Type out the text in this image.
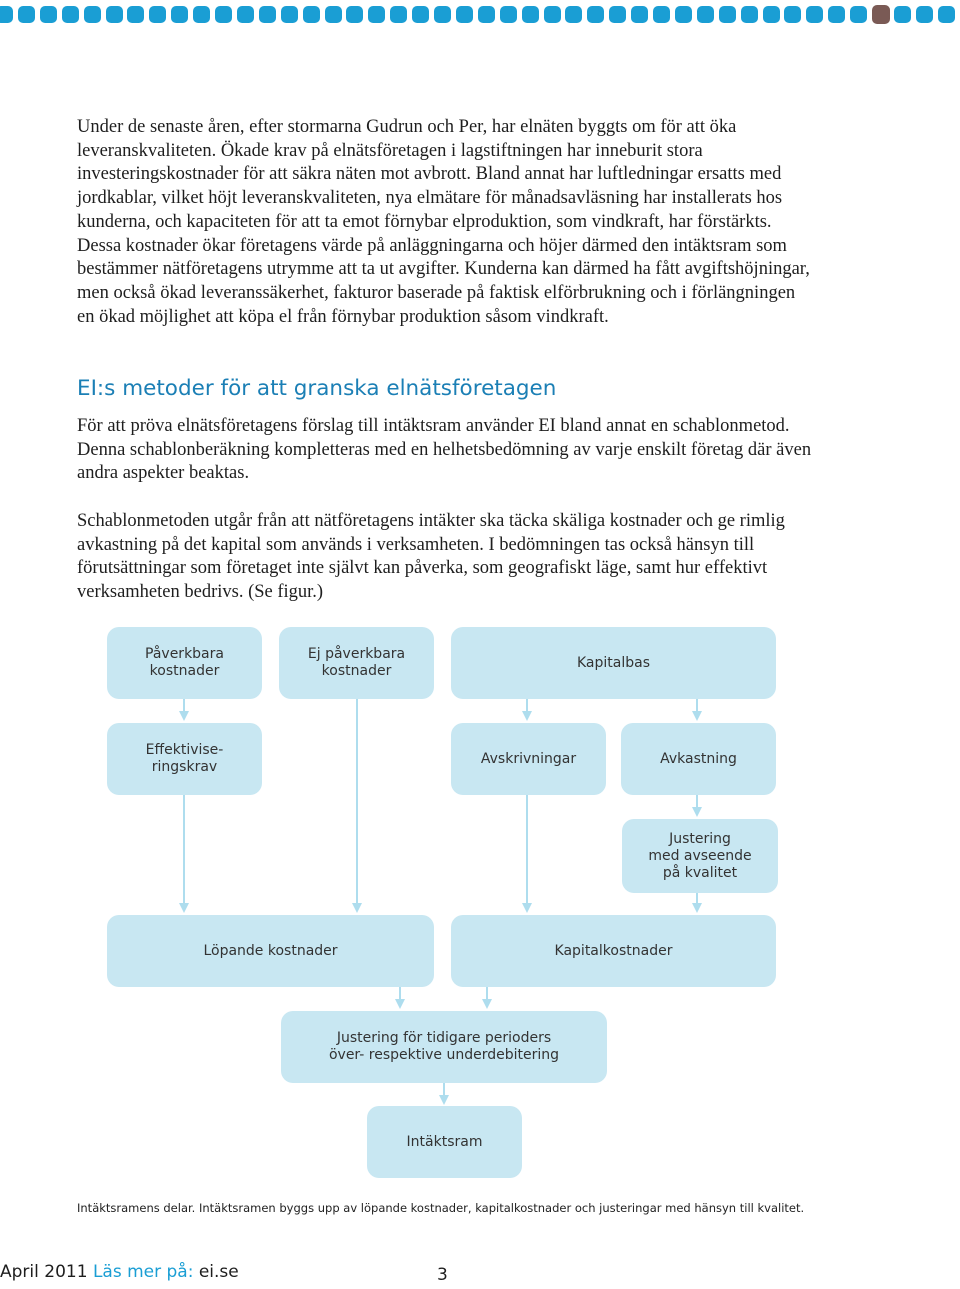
Under de senaste åren, efter stormarna Gudrun och Per, har elnäten byggts om för att öka leveranskvaliteten. Ökade krav på elnätsföretagen i lagstiftningen har inneburit stora investeringskostnader för att säkra näten mot avbrott. Bland annat har luftledningar ersatts med jordkablar, vilket höjt leveranskvaliteten, nya elmätare för månadsavläsning har installerats hos kunderna, och kapaciteten för att ta emot förnybar elproduktion, som vindkraft, har förstärkts. Dessa kostnader ökar företagens värde på anläggningarna och höjer därmed den intäktsram som bestämmer nätföretagens utrymme att ta ut avgifter. Kunderna kan därmed ha fått avgiftshöjningar, men också ökad leveranssäkerhet, fakturor baserade på faktisk elförbrukning och i förlängningen en ökad möjlighet att köpa el från förnybar produktion såsom vindkraft.
EI:s metoder för att granska elnätsföretagen
För att pröva elnätsföretagens förslag till intäktsram använder EI bland annat en schablonmetod. Denna schablonberäkning kompletteras med en helhetsbedömning av varje enskilt företag där även andra aspekter beaktas.
Schablonmetoden utgår från att nätföretagens intäkter ska täcka skäliga kostnader och ge rimlig avkastning på det kapital som används i verksamheten. I bedömningen tas också hänsyn till förutsättningar som företaget inte självt kan påverka, som geografiskt läge, samt hur effektivt verksamheten bedrivs. (Se figur.)
Påverkbara
kostnader
Ej påverkbara
kostnader
Kapitalbas
Effektivise-
ringskrav
Avskrivningar	Avkastning
Justering
med avseende
på kvalitet
Löpande kostnader	Kapitalkostnader
Justering för tidigare perioders
över- respektive underdebitering
Intäktsram
Intäktsramens delar. Intäktsramen byggs upp av löpande kostnader, kapitalkostnader och justeringar med hänsyn till kvalitet.
April 2011 Läs mer på: ei.se	3
